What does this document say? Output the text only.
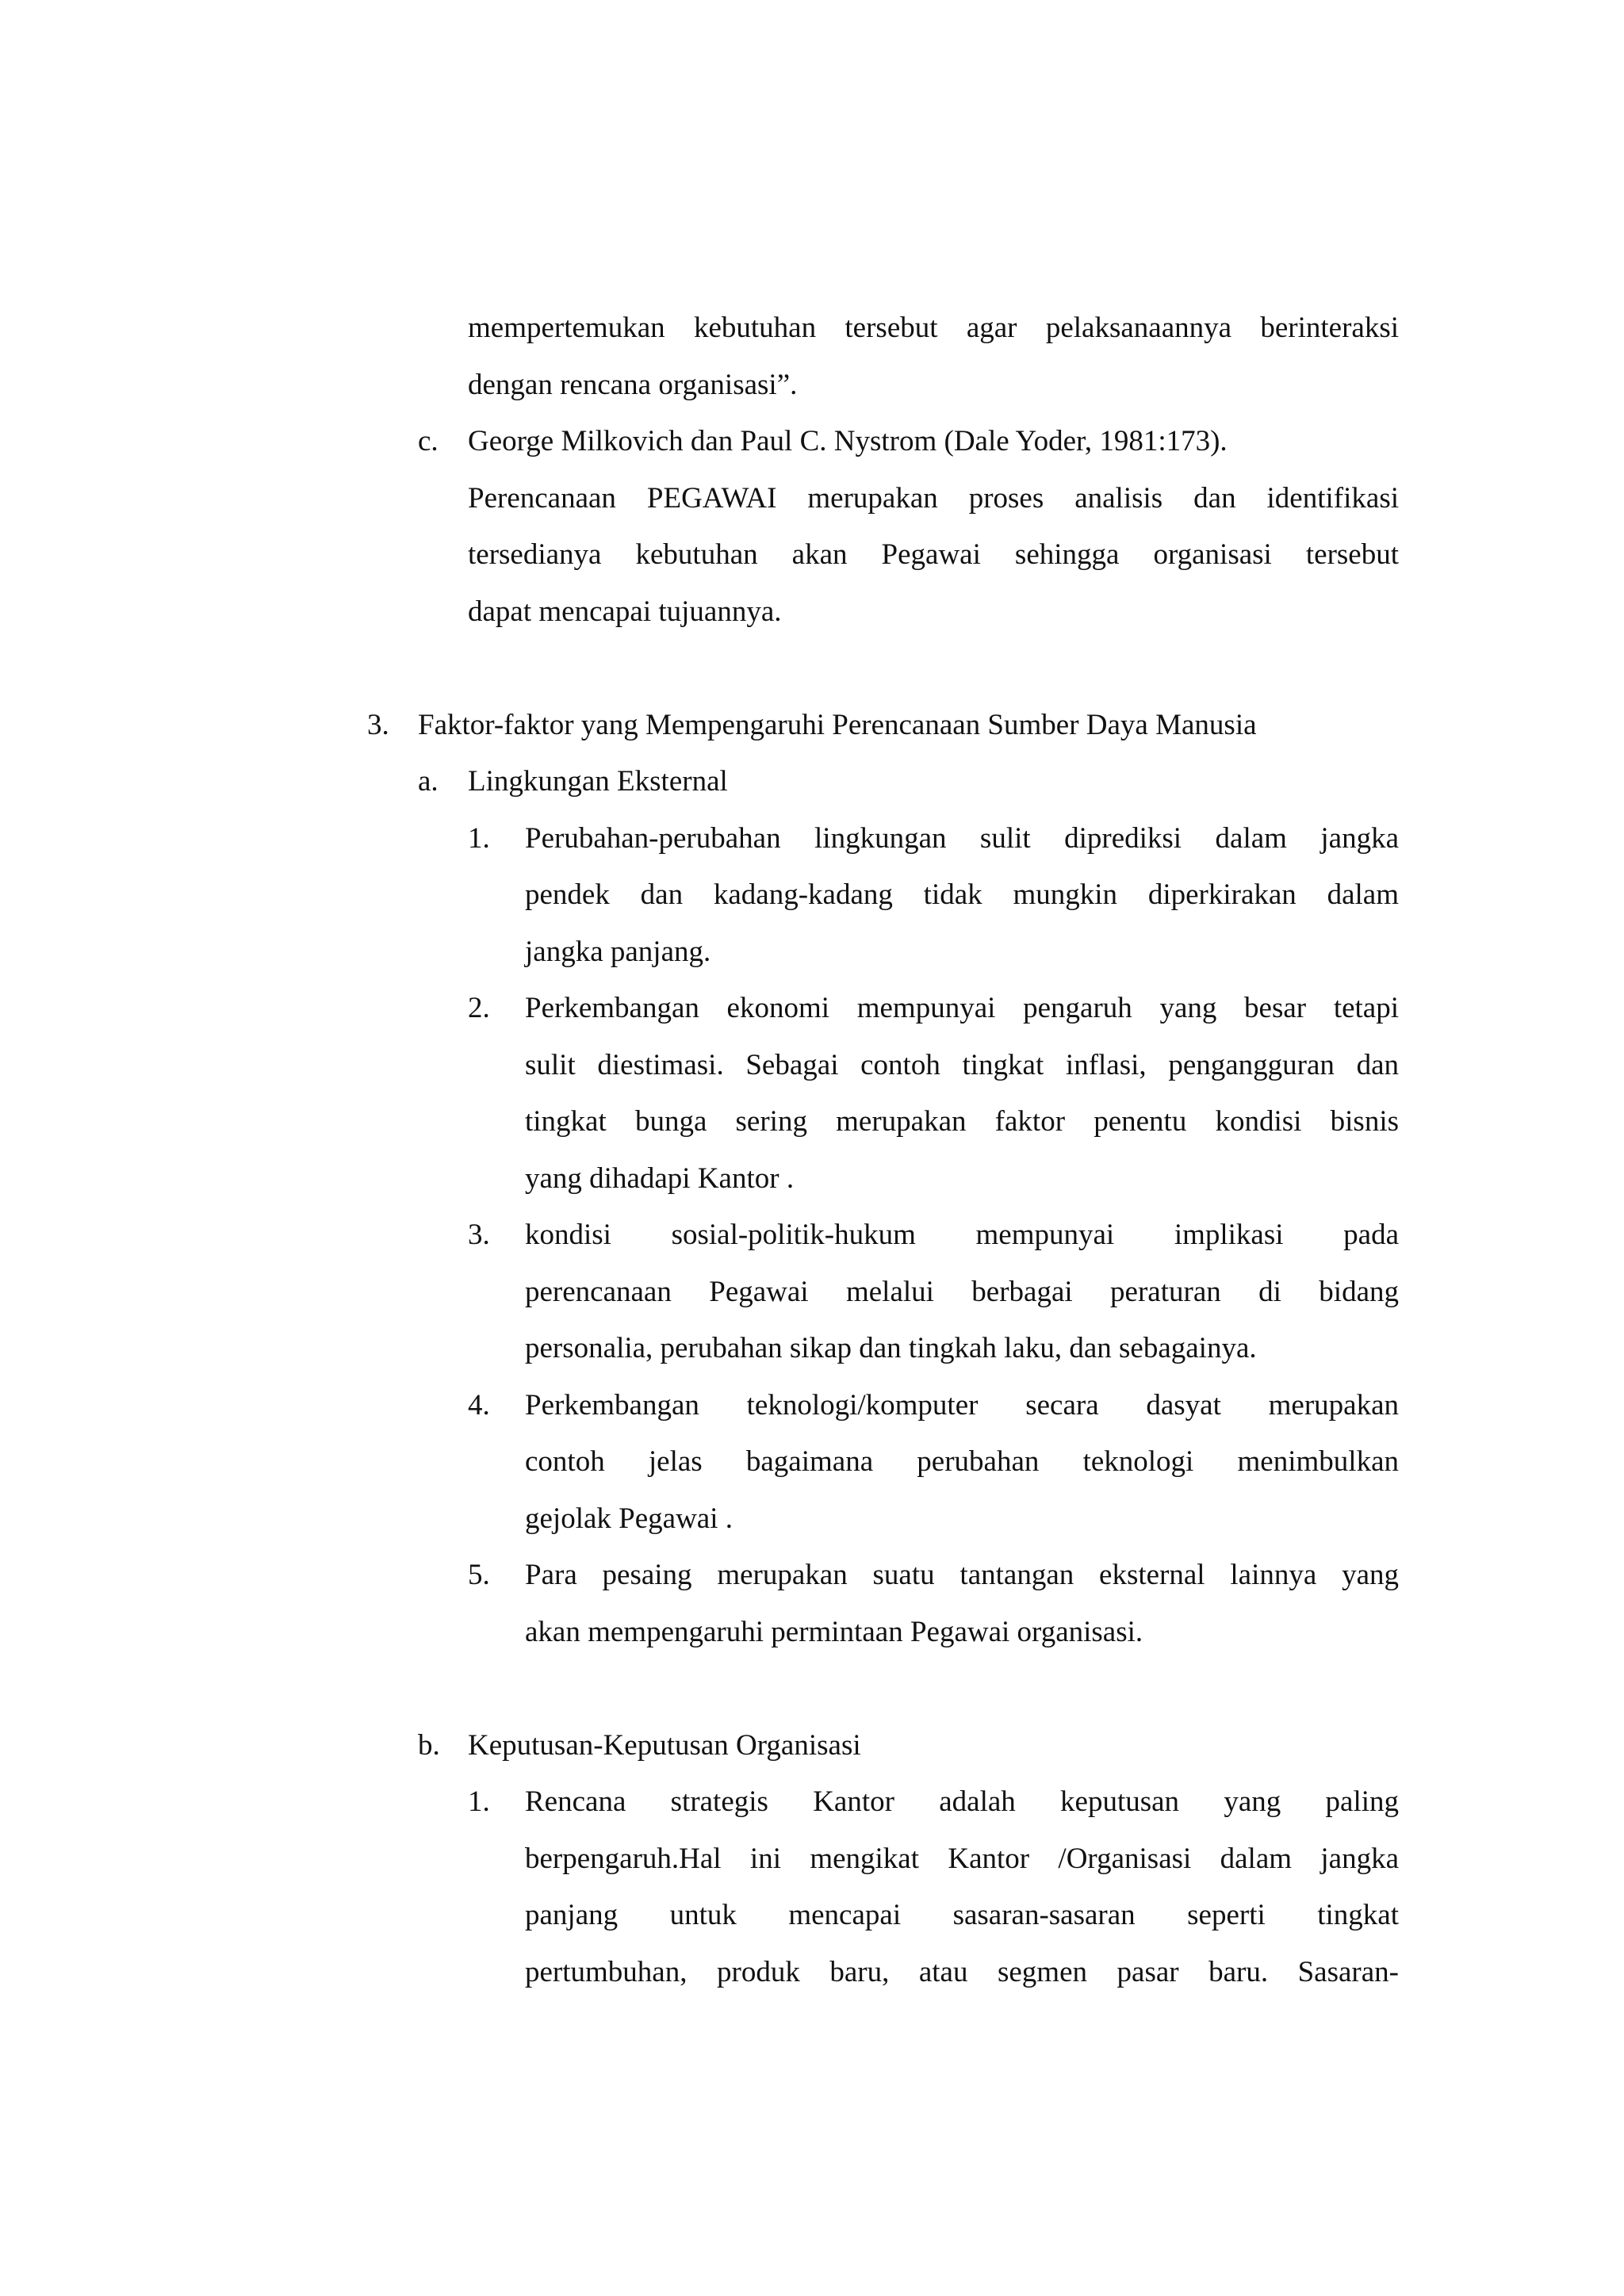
mempertemukan kebutuhan tersebut agar pelaksanaannya berinteraksi
dengan rencana organisasi”.
c. George Milkovich dan Paul C. Nystrom (Dale Yoder, 1981:173).
Perencanaan PEGAWAI merupakan proses analisis dan identifikasi
tersedianya kebutuhan akan Pegawai sehingga organisasi tersebut
dapat mencapai tujuannya.
3. Faktor-faktor yang Mempengaruhi Perencanaan Sumber Daya Manusia
a. Lingkungan Eksternal
1. Perubahan-perubahan lingkungan sulit diprediksi dalam jangka
pendek dan kadang-kadang tidak mungkin diperkirakan dalam
jangka panjang.
2. Perkembangan ekonomi mempunyai pengaruh yang besar tetapi
sulit diestimasi. Sebagai contoh tingkat inflasi, pengangguran dan
tingkat bunga sering merupakan faktor penentu kondisi bisnis
yang dihadapi Kantor .
3. kondisi sosial-politik-hukum mempunyai implikasi pada
perencanaan Pegawai melalui berbagai peraturan di bidang
personalia, perubahan sikap dan tingkah laku, dan sebagainya.
4. Perkembangan teknologi/komputer secara dasyat merupakan
contoh jelas bagaimana perubahan teknologi menimbulkan
gejolak Pegawai .
5. Para pesaing merupakan suatu tantangan eksternal lainnya yang
akan mempengaruhi permintaan Pegawai organisasi.
b. Keputusan-Keputusan Organisasi
1. Rencana strategis Kantor adalah keputusan yang paling
berpengaruh.Hal ini mengikat Kantor /Organisasi dalam jangka
panjang untuk mencapai sasaran-sasaran seperti tingkat
pertumbuhan, produk baru, atau segmen pasar baru. Sasaran-
